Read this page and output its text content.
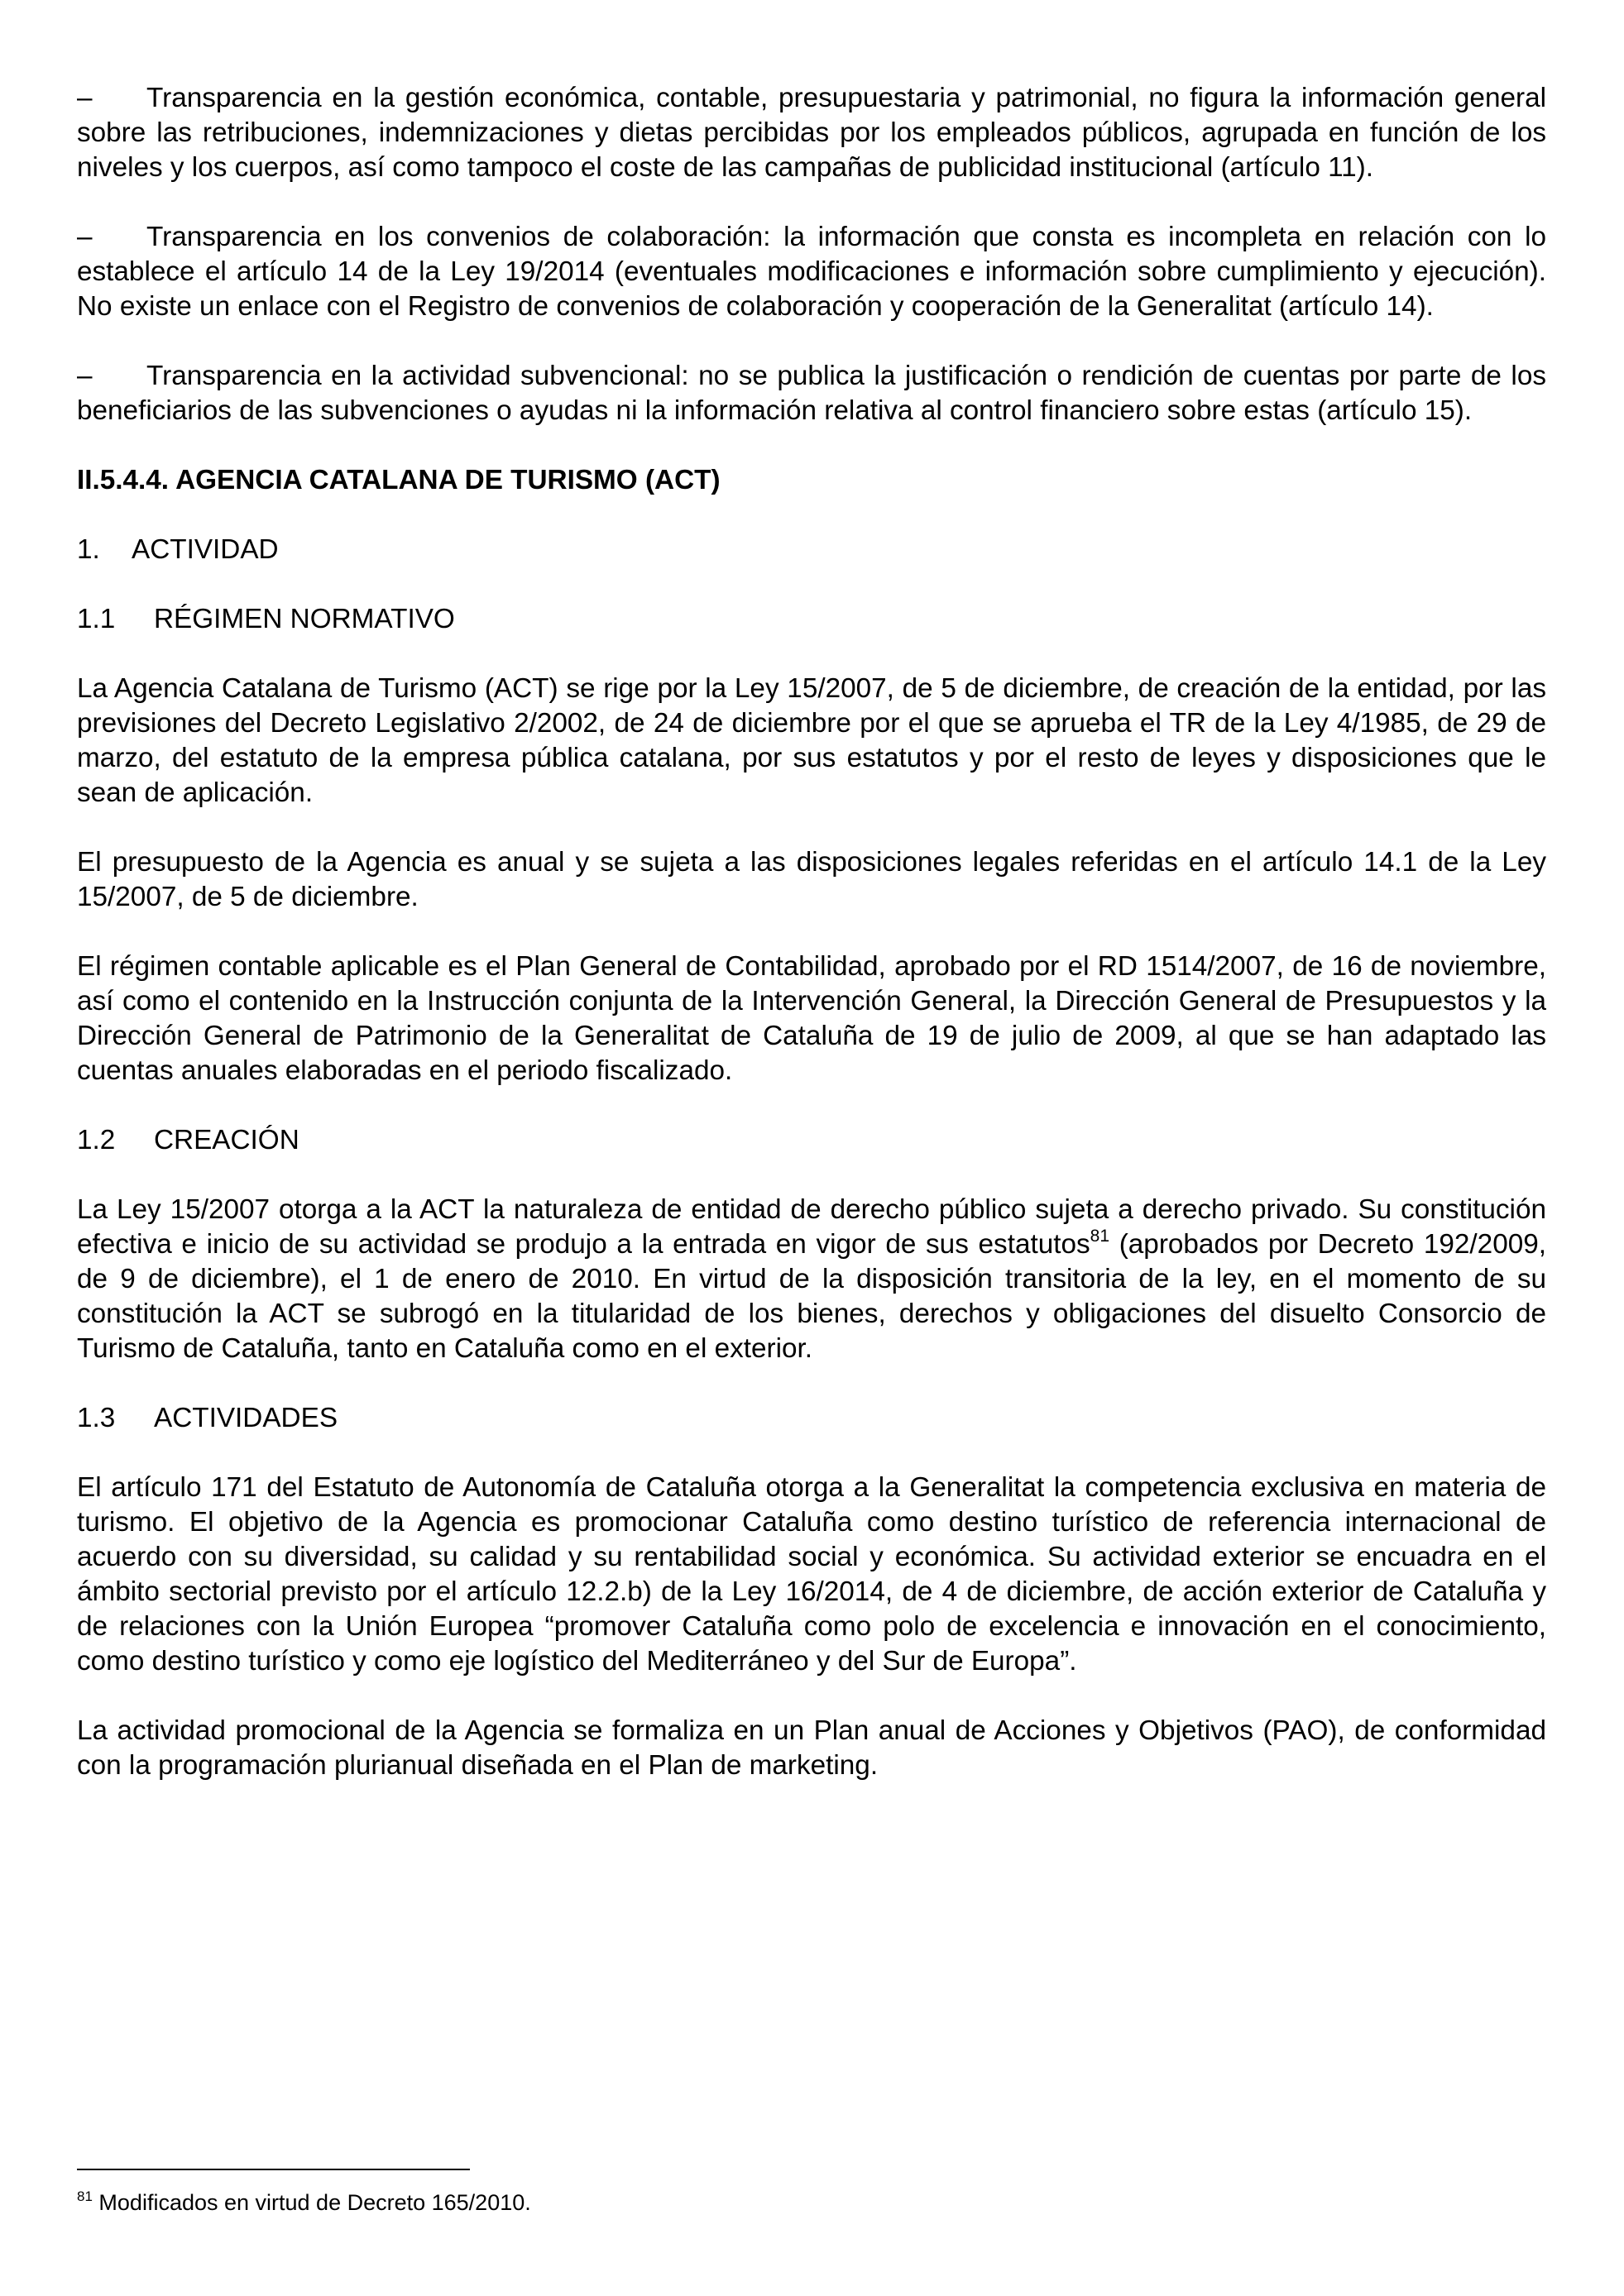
– Transparencia en la gestión económica, contable, presupuestaria y patrimonial, no figura la información general sobre las retribuciones, indemnizaciones y dietas percibidas por los empleados públicos, agrupada en función de los niveles y los cuerpos, así como tampoco el coste de las campañas de publicidad institucional (artículo 11).

– Transparencia en los convenios de colaboración: la información que consta es incompleta en relación con lo establece el artículo 14 de la Ley 19/2014 (eventuales modificaciones e información sobre cumplimiento y ejecución). No existe un enlace con el Registro de convenios de colaboración y cooperación de la Generalitat (artículo 14).

– Transparencia en la actividad subvencional: no se publica la justificación o rendición de cuentas por parte de los beneficiarios de las subvenciones o ayudas ni la información relativa al control financiero sobre estas (artículo 15).

II.5.4.4. AGENCIA CATALANA DE TURISMO (ACT)

1. ACTIVIDAD

1.1 RÉGIMEN NORMATIVO

La Agencia Catalana de Turismo (ACT) se rige por la Ley 15/2007, de 5 de diciembre, de creación de la entidad, por las previsiones del Decreto Legislativo 2/2002, de 24 de diciembre por el que se aprueba el TR de la Ley 4/1985, de 29 de marzo, del estatuto de la empresa pública catalana, por sus estatutos y por el resto de leyes y disposiciones que le sean de aplicación.

El presupuesto de la Agencia es anual y se sujeta a las disposiciones legales referidas en el artículo 14.1 de la Ley 15/2007, de 5 de diciembre.

El régimen contable aplicable es el Plan General de Contabilidad, aprobado por el RD 1514/2007, de 16 de noviembre, así como el contenido en la Instrucción conjunta de la Intervención General, la Dirección General de Presupuestos y la Dirección General de Patrimonio de la Generalitat de Cataluña de 19 de julio de 2009, al que se han adaptado las cuentas anuales elaboradas en el periodo fiscalizado.

1.2 CREACIÓN

La Ley 15/2007 otorga a la ACT la naturaleza de entidad de derecho público sujeta a derecho privado. Su constitución efectiva e inicio de su actividad se produjo a la entrada en vigor de sus estatutos$^{81}$ (aprobados por Decreto 192/2009, de 9 de diciembre), el 1 de enero de 2010. En virtud de la disposición transitoria de la ley, en el momento de su constitución la ACT se subrogó en la titularidad de los bienes, derechos y obligaciones del disuelto Consorcio de Turismo de Cataluña, tanto en Cataluña como en el exterior.

1.3 ACTIVIDADES

El artículo 171 del Estatuto de Autonomía de Cataluña otorga a la Generalitat la competencia exclusiva en materia de turismo. El objetivo de la Agencia es promocionar Cataluña como destino turístico de referencia internacional de acuerdo con su diversidad, su calidad y su rentabilidad social y económica. Su actividad exterior se encuadra en el ámbito sectorial previsto por el artículo 12.2.b) de la Ley 16/2014, de 4 de diciembre, de acción exterior de Cataluña y de relaciones con la Unión Europea “promover Cataluña como polo de excelencia e innovación en el conocimiento, como destino turístico y como eje logístico del Mediterráneo y del Sur de Europa”.

La actividad promocional de la Agencia se formaliza en un Plan anual de Acciones y Objetivos (PAO), de conformidad con la programación plurianual diseñada en el Plan de marketing.

$^{81}$ Modificados en virtud de Decreto 165/2010.
